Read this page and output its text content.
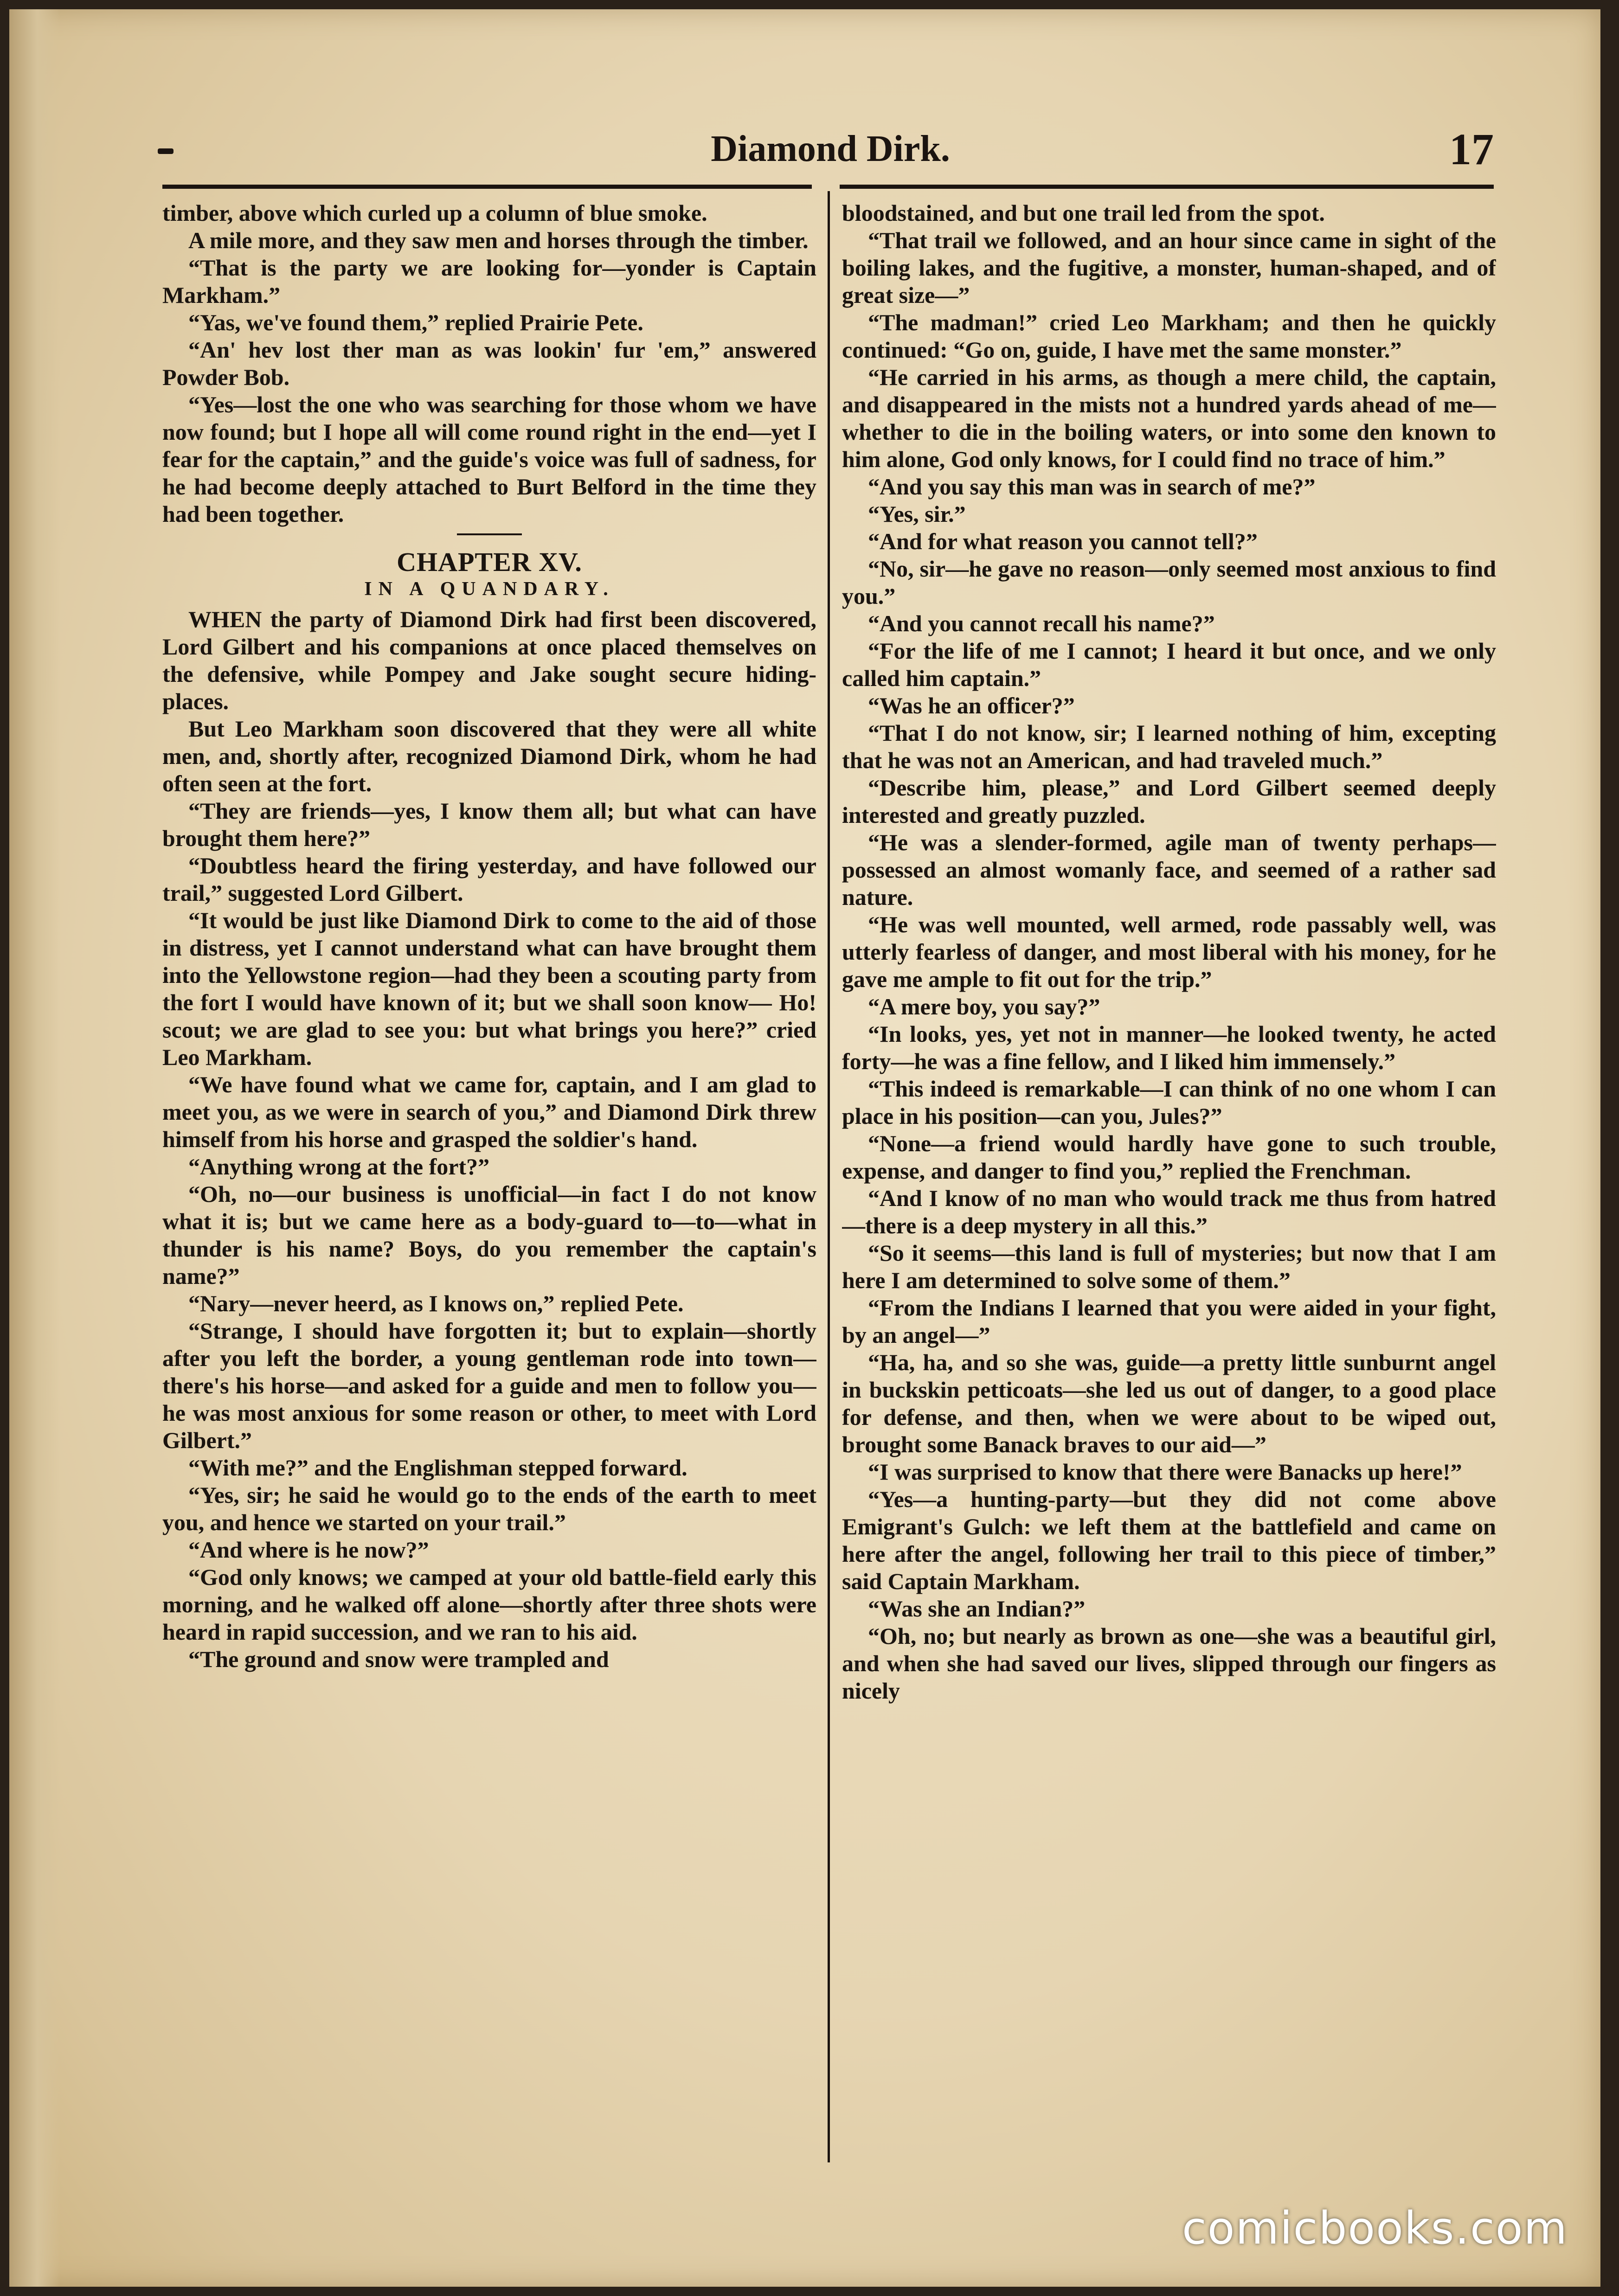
Diamond Dirk.	17

timber, above which curled up a column of blue smoke.

A mile more, and they saw men and horses through the timber.

“That is the party we are looking for—yonder is Captain Markham.”

“Yas, we've found them,” replied Prairie Pete.

“An' hev lost ther man as was lookin' fur 'em,” answered Powder Bob.

“Yes—lost the one who was searching for those whom we have now found; but I hope all will come round right in the end—yet I fear for the captain,” and the guide's voice was full of sadness, for he had become deeply attached to Burt Belford in the time they had been together.

CHAPTER XV.
IN A QUANDARY.

WHEN the party of Diamond Dirk had first been discovered, Lord Gilbert and his companions at once placed themselves on the defensive, while Pompey and Jake sought secure hiding-places.

But Leo Markham soon discovered that they were all white men, and, shortly after, recognized Diamond Dirk, whom he had often seen at the fort.

“They are friends—yes, I know them all; but what can have brought them here?”

“Doubtless heard the firing yesterday, and have followed our trail,” suggested Lord Gilbert.

“It would be just like Diamond Dirk to come to the aid of those in distress, yet I cannot understand what can have brought them into the Yellowstone region—had they been a scouting party from the fort I would have known of it; but we shall soon know— Ho! scout; we are glad to see you: but what brings you here?” cried Leo Markham.

“We have found what we came for, captain, and I am glad to meet you, as we were in search of you,” and Diamond Dirk threw himself from his horse and grasped the soldier's hand.

“Anything wrong at the fort?”

“Oh, no—our business is unofficial—in fact I do not know what it is; but we came here as a body-guard to—to—what in thunder is his name? Boys, do you remember the captain's name?”

“Nary—never heerd, as I knows on,” replied Pete.

“Strange, I should have forgotten it; but to explain—shortly after you left the border, a young gentleman rode into town—there's his horse—and asked for a guide and men to follow you—he was most anxious for some reason or other, to meet with Lord Gilbert.”

“With me?” and the Englishman stepped forward.

“Yes, sir; he said he would go to the ends of the earth to meet you, and hence we started on your trail.”

“And where is he now?”

“God only knows; we camped at your old battle-field early this morning, and he walked off alone—shortly after three shots were heard in rapid succession, and we ran to his aid.

“The ground and snow were trampled and

bloodstained, and but one trail led from the spot.

“That trail we followed, and an hour since came in sight of the boiling lakes, and the fugitive, a monster, human-shaped, and of great size—”

“The madman!” cried Leo Markham; and then he quickly continued: “Go on, guide, I have met the same monster.”

“He carried in his arms, as though a mere child, the captain, and disappeared in the mists not a hundred yards ahead of me—whether to die in the boiling waters, or into some den known to him alone, God only knows, for I could find no trace of him.”

“And you say this man was in search of me?”

“Yes, sir.”

“And for what reason you cannot tell?”

“No, sir—he gave no reason—only seemed most anxious to find you.”

“And you cannot recall his name?”

“For the life of me I cannot; I heard it but once, and we only called him captain.”

“Was he an officer?”

“That I do not know, sir; I learned nothing of him, excepting that he was not an American, and had traveled much.”

“Describe him, please,” and Lord Gilbert seemed deeply interested and greatly puzzled.

“He was a slender-formed, agile man of twenty perhaps—possessed an almost womanly face, and seemed of a rather sad nature.

“He was well mounted, well armed, rode passably well, was utterly fearless of danger, and most liberal with his money, for he gave me ample to fit out for the trip.”

“A mere boy, you say?”

“In looks, yes, yet not in manner—he looked twenty, he acted forty—he was a fine fellow, and I liked him immensely.”

“This indeed is remarkable—I can think of no one whom I can place in his position—can you, Jules?”

“None—a friend would hardly have gone to such trouble, expense, and danger to find you,” replied the Frenchman.

“And I know of no man who would track me thus from hatred—there is a deep mystery in all this.”

“So it seems—this land is full of mysteries; but now that I am here I am determined to solve some of them.”

“From the Indians I learned that you were aided in your fight, by an angel—”

“Ha, ha, and so she was, guide—a pretty little sunburnt angel in buckskin petticoats—she led us out of danger, to a good place for defense, and then, when we were about to be wiped out, brought some Banack braves to our aid—”

“I was surprised to know that there were Banacks up here!”

“Yes—a hunting-party—but they did not come above Emigrant's Gulch: we left them at the battlefield and came on here after the angel, following her trail to this piece of timber,” said Captain Markham.

“Was she an Indian?”

“Oh, no; but nearly as brown as one—she was a beautiful girl, and when she had saved our lives, slipped through our fingers as nicely

comicbooks.com
